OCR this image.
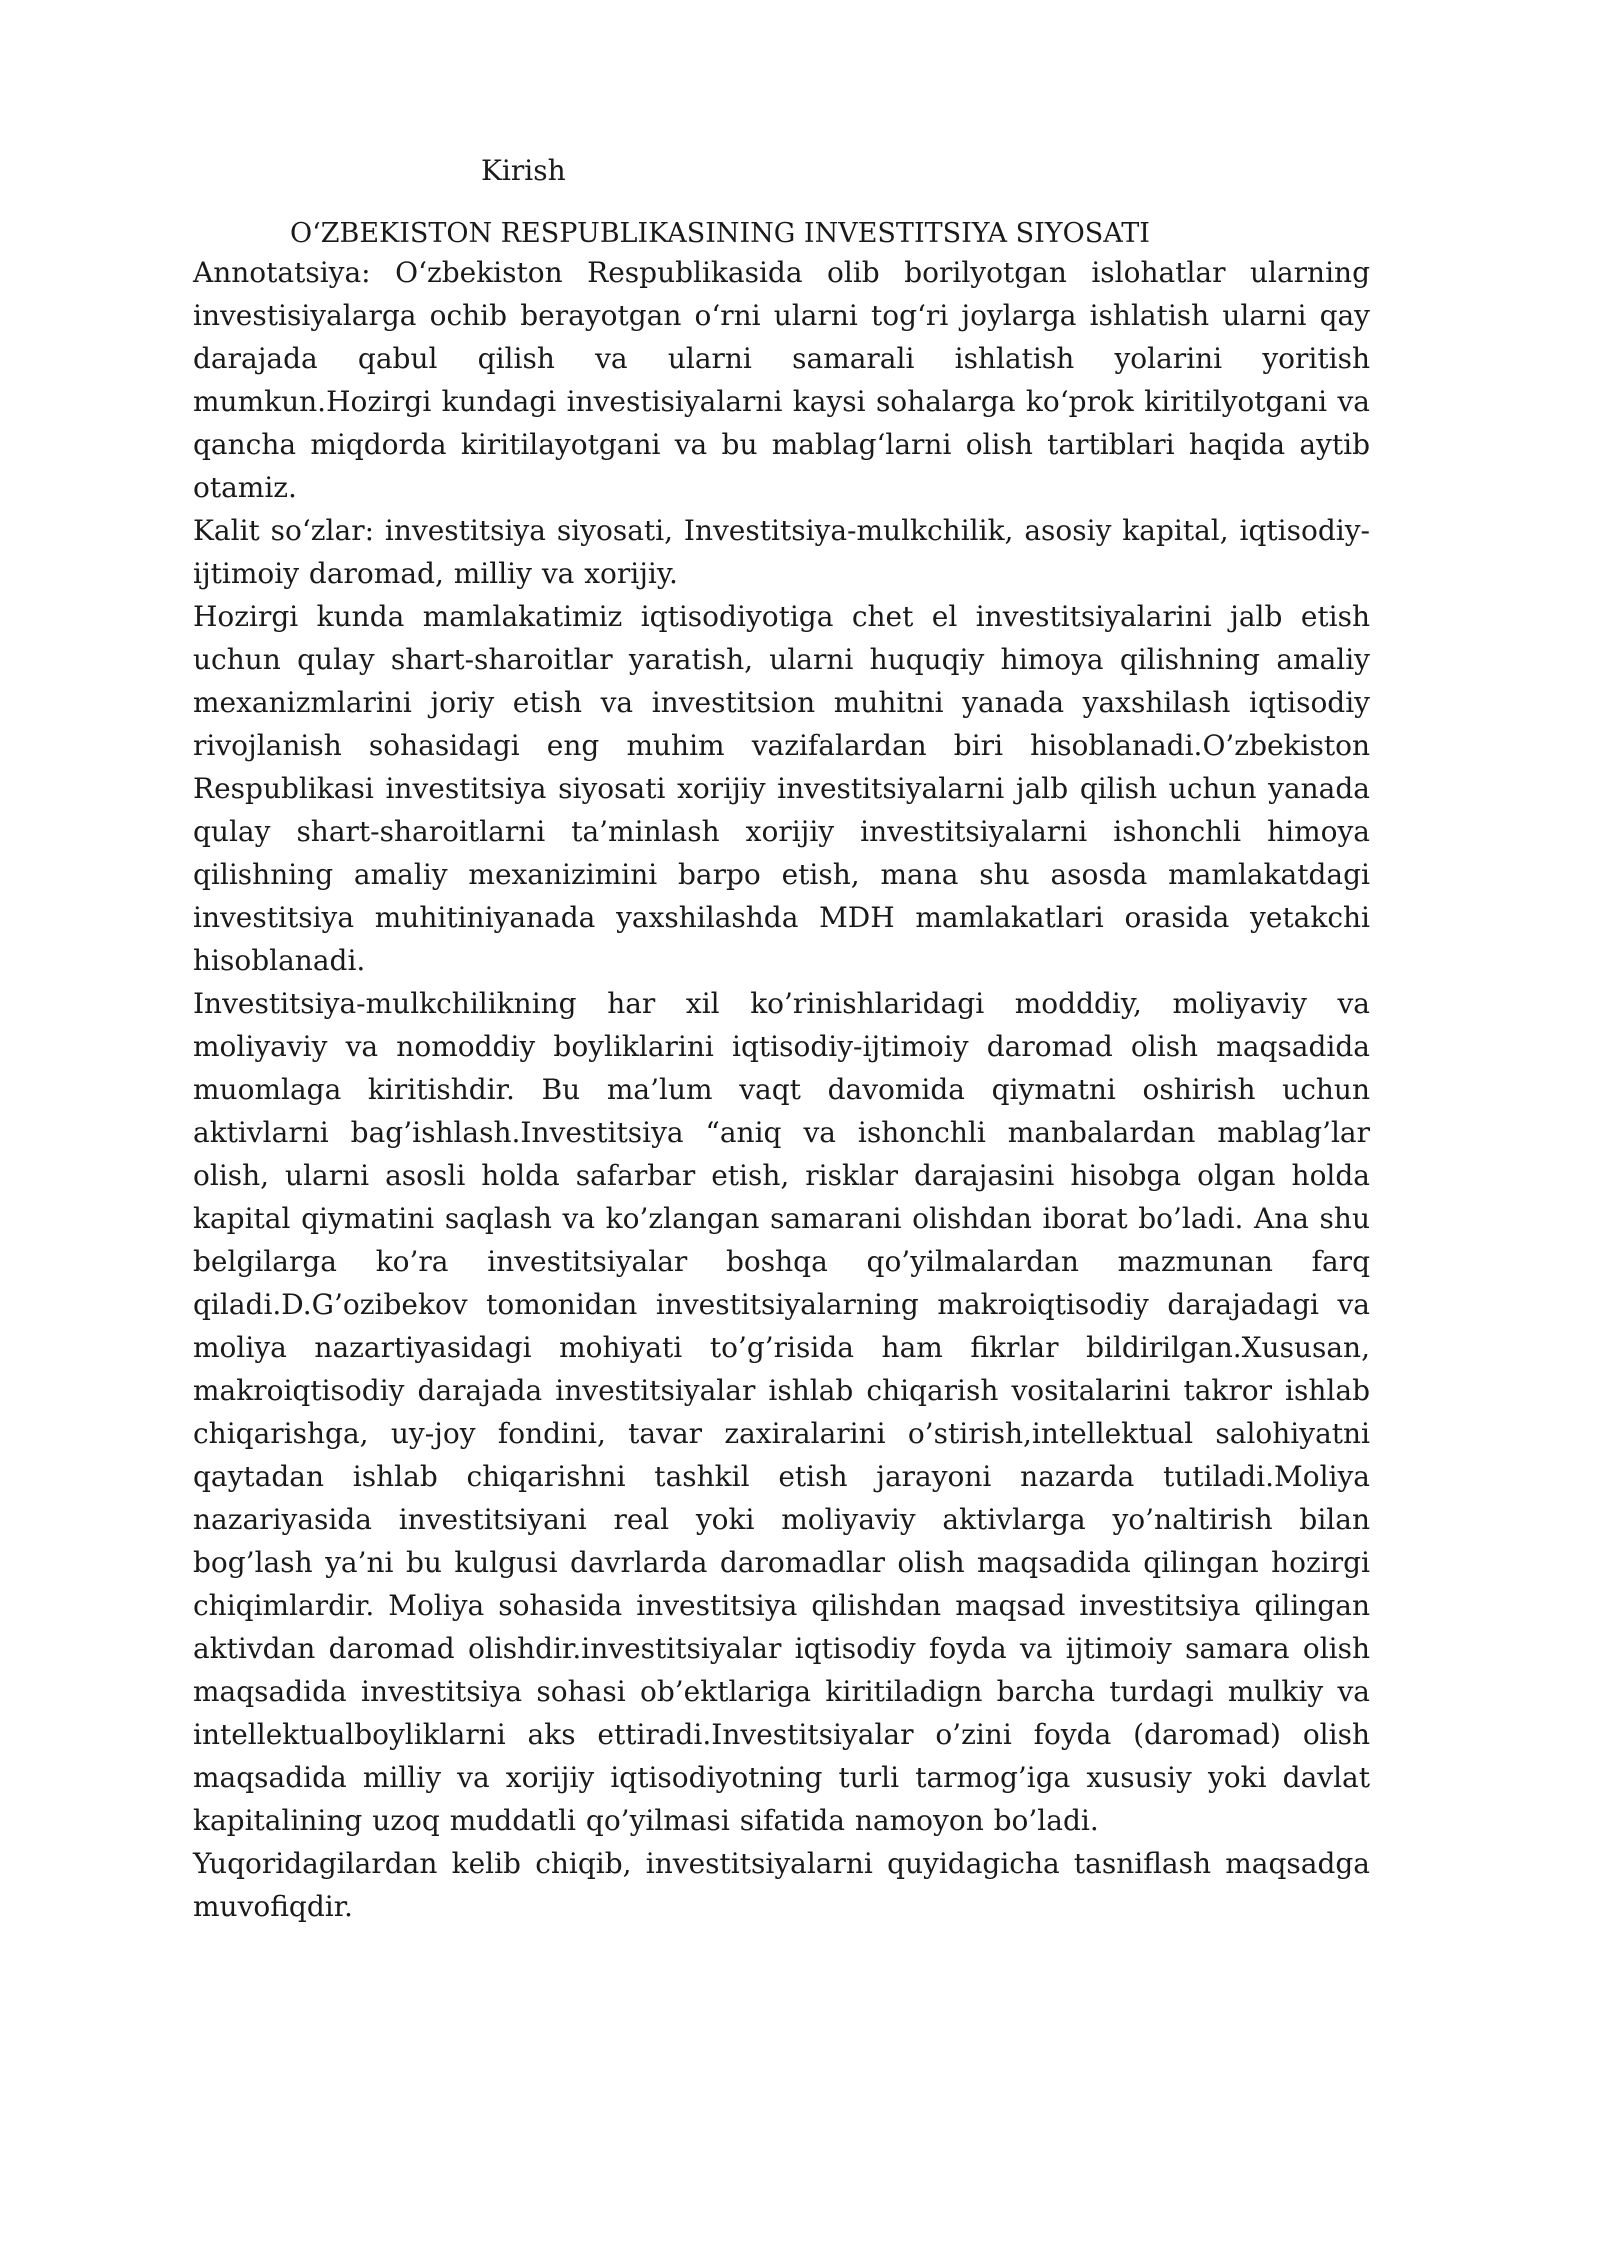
Kirish
O‘ZBEKISTON RESPUBLIKASINING INVESTITSIYA SIYOSATI

Annotatsiya: O‘zbekiston Respublikasida olib borilyotgan islohatlar ularning investisiyalarga ochib berayotgan o‘rni ularni tog‘ri joylarga ishlatish ularni qay darajada qabul qilish va ularni samarali ishlatish yolarini yoritish mumkun.Hozirgi kundagi investisiyalarni kaysi sohalarga ko‘prok kiritilyotgani va qancha miqdorda kiritilayotgani va bu mablag‘larni olish tartiblari haqida aytib otamiz.

Kalit so‘zlar: investitsiya siyosati, Investitsiya-mulkchilik, asosiy kapital, iqtisodiy-ijtimoiy daromad, milliy va xorijiy.

Hozirgi kunda mamlakatimiz iqtisodiyotiga chet el investitsiyalarini jalb etish uchun qulay shart-sharoitlar yaratish, ularni huquqiy himoya qilishning amaliy mexanizmlarini joriy etish va investitsion muhitni yanada yaxshilash iqtisodiy rivojlanish sohasidagi eng muhim vazifalardan biri hisoblanadi.O’zbekiston Respublikasi investitsiya siyosati xorijiy investitsiyalarni jalb qilish uchun yanada qulay shart-sharoitlarni ta’minlash xorijiy investitsiyalarni ishonchli himoya qilishning amaliy mexanizimini barpo etish, mana shu asosda mamlakatdagi investitsiya muhitiniyanada yaxshilashda MDH mamlakatlari orasida yetakchi hisoblanadi.

Investitsiya-mulkchilikning har xil ko’rinishlaridagi modddiy, moliyaviy va moliyaviy va nomoddiy boyliklarini iqtisodiy-ijtimoiy daromad olish maqsadida muomlaga kiritishdir. Bu ma’lum vaqt davomida qiymatni oshirish uchun aktivlarni bag’ishlash.Investitsiya “aniq va ishonchli manbalardan mablag’lar olish, ularni asosli holda safarbar etish, risklar darajasini hisobga olgan holda kapital qiymatini saqlash va ko’zlangan samarani olishdan iborat bo’ladi. Ana shu belgilarga ko’ra investitsiyalar boshqa qo’yilmalardan mazmunan farq qiladi.D.G’ozibekov tomonidan investitsiyalarning makroiqtisodiy darajadagi va moliya nazartiyasidagi mohiyati to’g’risida ham fikrlar bildirilgan.Xususan, makroiqtisodiy darajada investitsiyalar ishlab chiqarish vositalarini takror ishlab chiqarishga, uy-joy fondini, tavar zaxiralarini o’stirish,intellektual salohiyatni qaytadan ishlab chiqarishni tashkil etish jarayoni nazarda tutiladi.Moliya nazariyasida investitsiyani real yoki moliyaviy aktivlarga yo’naltirish bilan bog’lash ya’ni bu kulgusi davrlarda daromadlar olish maqsadida qilingan hozirgi chiqimlardir. Moliya sohasida investitsiya qilishdan maqsad investitsiya qilingan aktivdan daromad olishdir.investitsiyalar iqtisodiy foyda va ijtimoiy samara olish maqsadida investitsiya sohasi ob’ektlariga kiritiladign barcha turdagi mulkiy va intellektualboyliklarni aks ettiradi.Investitsiyalar o’zini foyda (daromad) olish maqsadida milliy va xorijiy iqtisodiyotning turli tarmog’iga xususiy yoki davlat kapitalining uzoq muddatli qo’yilmasi sifatida namoyon bo’ladi.

Yuqoridagilardan kelib chiqib, investitsiyalarni quyidagicha tasniflash maqsadga muvofiqdir.
